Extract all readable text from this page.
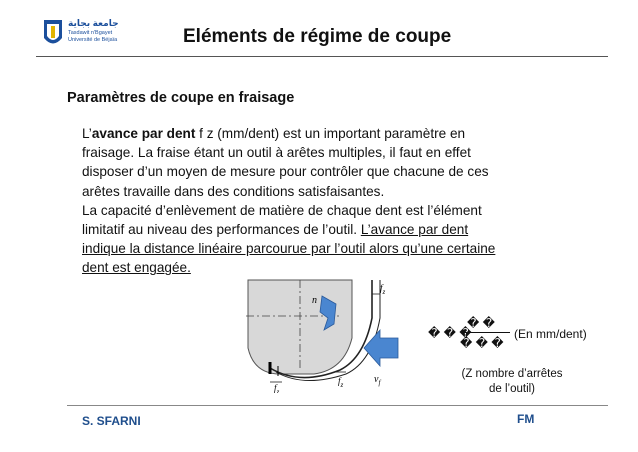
جامعة بجاية
Tasdawit n'Bgayet
Université de Béjaïa	Eléments de régime de coupe
Paramètres de coupe en fraisage
L’avance par dent f z (mm/dent) est un important paramètre en
fraisage. La fraise étant un outil à arêtes multiples, il faut en effet
disposer d’un moyen de mesure pour contrôler que chacune de ces
arêtes travaille dans des conditions satisfaisantes.
La capacité d’enlèvement de matière de chaque dent est l’élément
limitatif au niveau des performances de l’outil. L’avance par dent
indique la distance linéaire parcourue par l’outil alors qu’une certaine
dent est engagée.
n
$f_z$
$f_z$
$f_z$	$v_f$
� � �
� �
� � �
(En mm/dent)
(Z nombre d’arrêtes
de l’outil)
S. SFARNI	FM
